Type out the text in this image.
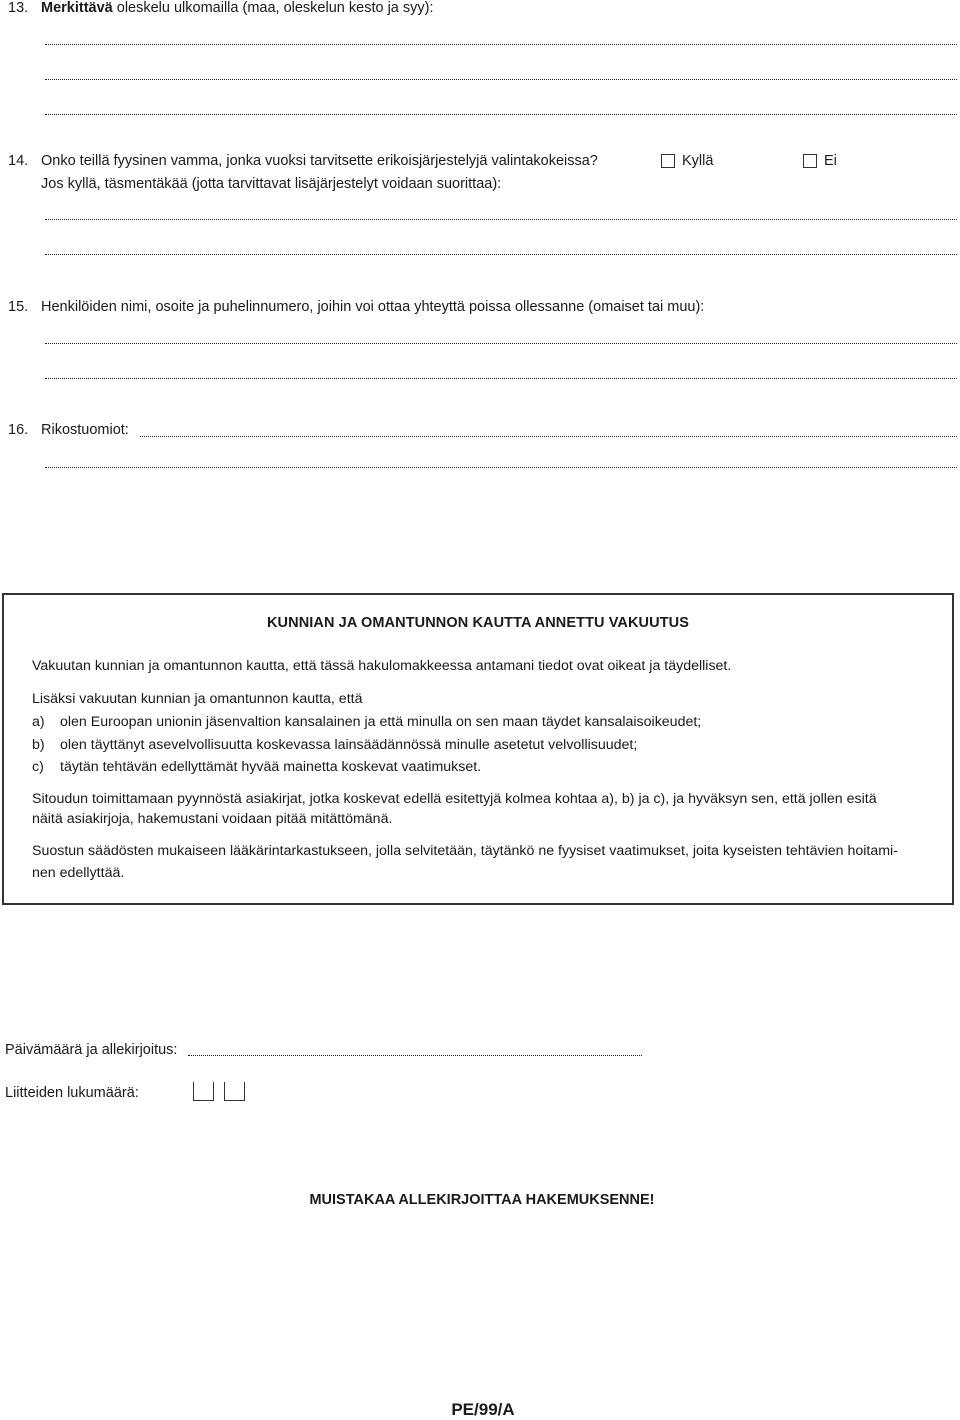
13. Merkittävä oleskelu ulkomailla (maa, oleskelun kesto ja syy):
14. Onko teillä fyysinen vamma, jonka vuoksi tarvitsette erikoisjärjestelyjä valintakokeissa?	Kyllä	Ei
Jos kyllä, täsmentäkää (jotta tarvittavat lisäjärjestelyt voidaan suorittaa):
15. Henkilöiden nimi, osoite ja puhelinnumero, joihin voi ottaa yhteyttä poissa ollessanne (omaiset tai muu):
16. Rikostuomiot:
KUNNIAN JA OMANTUNNON KAUTTA ANNETTU VAKUUTUS
Vakuutan kunnian ja omantunnon kautta, että tässä hakulomakkeessa antamani tiedot ovat oikeat ja täydelliset.
Lisäksi vakuutan kunnian ja omantunnon kautta, että
a) olen Euroopan unionin jäsenvaltion kansalainen ja että minulla on sen maan täydet kansalaisoikeudet;
b) olen täyttänyt asevelvollisuutta koskevassa lainsäädännössä minulle asetetut velvollisuudet;
c) täytän tehtävän edellyttämät hyvää mainetta koskevat vaatimukset.
Sitoudun toimittamaan pyynnöstä asiakirjat, jotka koskevat edellä esitettyjä kolmea kohtaa a), b) ja c), ja hyväksyn sen, että jollen esitä
näitä asiakirjoja, hakemustani voidaan pitää mitättömänä.
Suostun säädösten mukaiseen lääkärintarkastukseen, jolla selvitetään, täytänkö ne fyysiset vaatimukset, joita kyseisten tehtävien hoitami-
nen edellyttää.
Päivämäärä ja allekirjoitus:
Liitteiden lukumäärä:
MUISTAKAA ALLEKIRJOITTAA HAKEMUKSENNE!
PE/99/A
